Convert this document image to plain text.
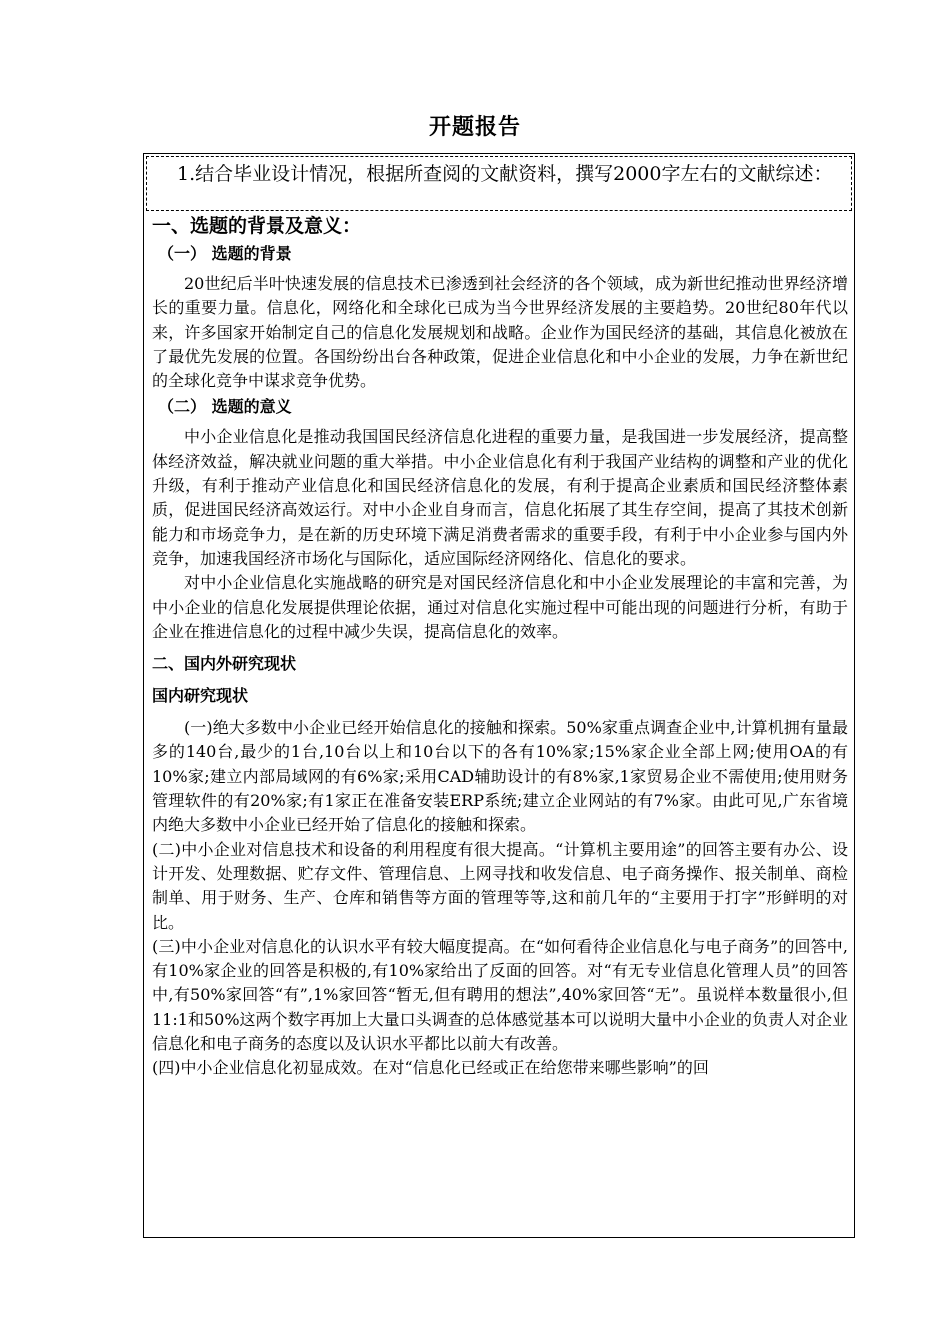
开题报告
1.结合毕业设计情况，根据所查阅的文献资料，撰写2000字左右的文献综述：

一、选题的背景及意义：

（一） 选题的背景

20世纪后半叶快速发展的信息技术已渗透到社会经济的各个领域，成为新世纪推动世界经济增长的重要力量。信息化，网络化和全球化已成为当今世界经济发展的主要趋势。20世纪80年代以来，许多国家开始制定自己的信息化发展规划和战略。企业作为国民经济的基础，其信息化被放在了最优先发展的位置。各国纷纷出台各种政策，促进企业信息化和中小企业的发展，力争在新世纪的全球化竞争中谋求竞争优势。

（二） 选题的意义

中小企业信息化是推动我国国民经济信息化进程的重要力量，是我国进一步发展经济，提高整体经济效益，解决就业问题的重大举措。中小企业信息化有利于我国产业结构的调整和产业的优化升级，有利于推动产业信息化和国民经济信息化的发展，有利于提高企业素质和国民经济整体素质，促进国民经济高效运行。对中小企业自身而言，信息化拓展了其生存空间，提高了其技术创新能力和市场竞争力，是在新的历史环境下满足消费者需求的重要手段，有利于中小企业参与国内外竞争，加速我国经济市场化与国际化，适应国际经济网络化、信息化的要求。

对中小企业信息化实施战略的研究是对国民经济信息化和中小企业发展理论的丰富和完善，为中小企业的信息化发展提供理论依据，通过对信息化实施过程中可能出现的问题进行分析，有助于企业在推进信息化的过程中减少失误，提高信息化的效率。

二、国内外研究现状

国内研究现状

(一)绝大多数中小企业已经开始信息化的接触和探索。50%家重点调查企业中,计算机拥有量最多的140台,最少的1台,10台以上和10台以下的各有10%家;15%家企业全部上网;使用OA的有10%家;建立内部局域网的有6%家;采用CAD辅助设计的有8%家,1家贸易企业不需使用;使用财务管理软件的有20%家;有1家正在准备安装ERP系统;建立企业网站的有7%家。由此可见,广东省境内绝大多数中小企业已经开始了信息化的接触和探索。

(二)中小企业对信息技术和设备的利用程度有很大提高。“计算机主要用途”的回答主要有办公、设计开发、处理数据、贮存文件、管理信息、上网寻找和收发信息、电子商务操作、报关制单、商检制单、用于财务、生产、仓库和销售等方面的管理等等,这和前几年的“主要用于打字”形鲜明的对比。

(三)中小企业对信息化的认识水平有较大幅度提高。在“如何看待企业信息化与电子商务”的回答中,有10%家企业的回答是积极的,有10%家给出了反面的回答。对“有无专业信息化管理人员”的回答中,有50%家回答“有”,1%家回答“暂无,但有聘用的想法”,40%家回答“无”。虽说样本数量很小,但11:1和50%这两个数字再加上大量口头调查的总体感觉基本可以说明大量中小企业的负责人对企业信息化和电子商务的态度以及认识水平都比以前大有改善。

(四)中小企业信息化初显成效。在对“信息化已经或正在给您带来哪些影响”的回
